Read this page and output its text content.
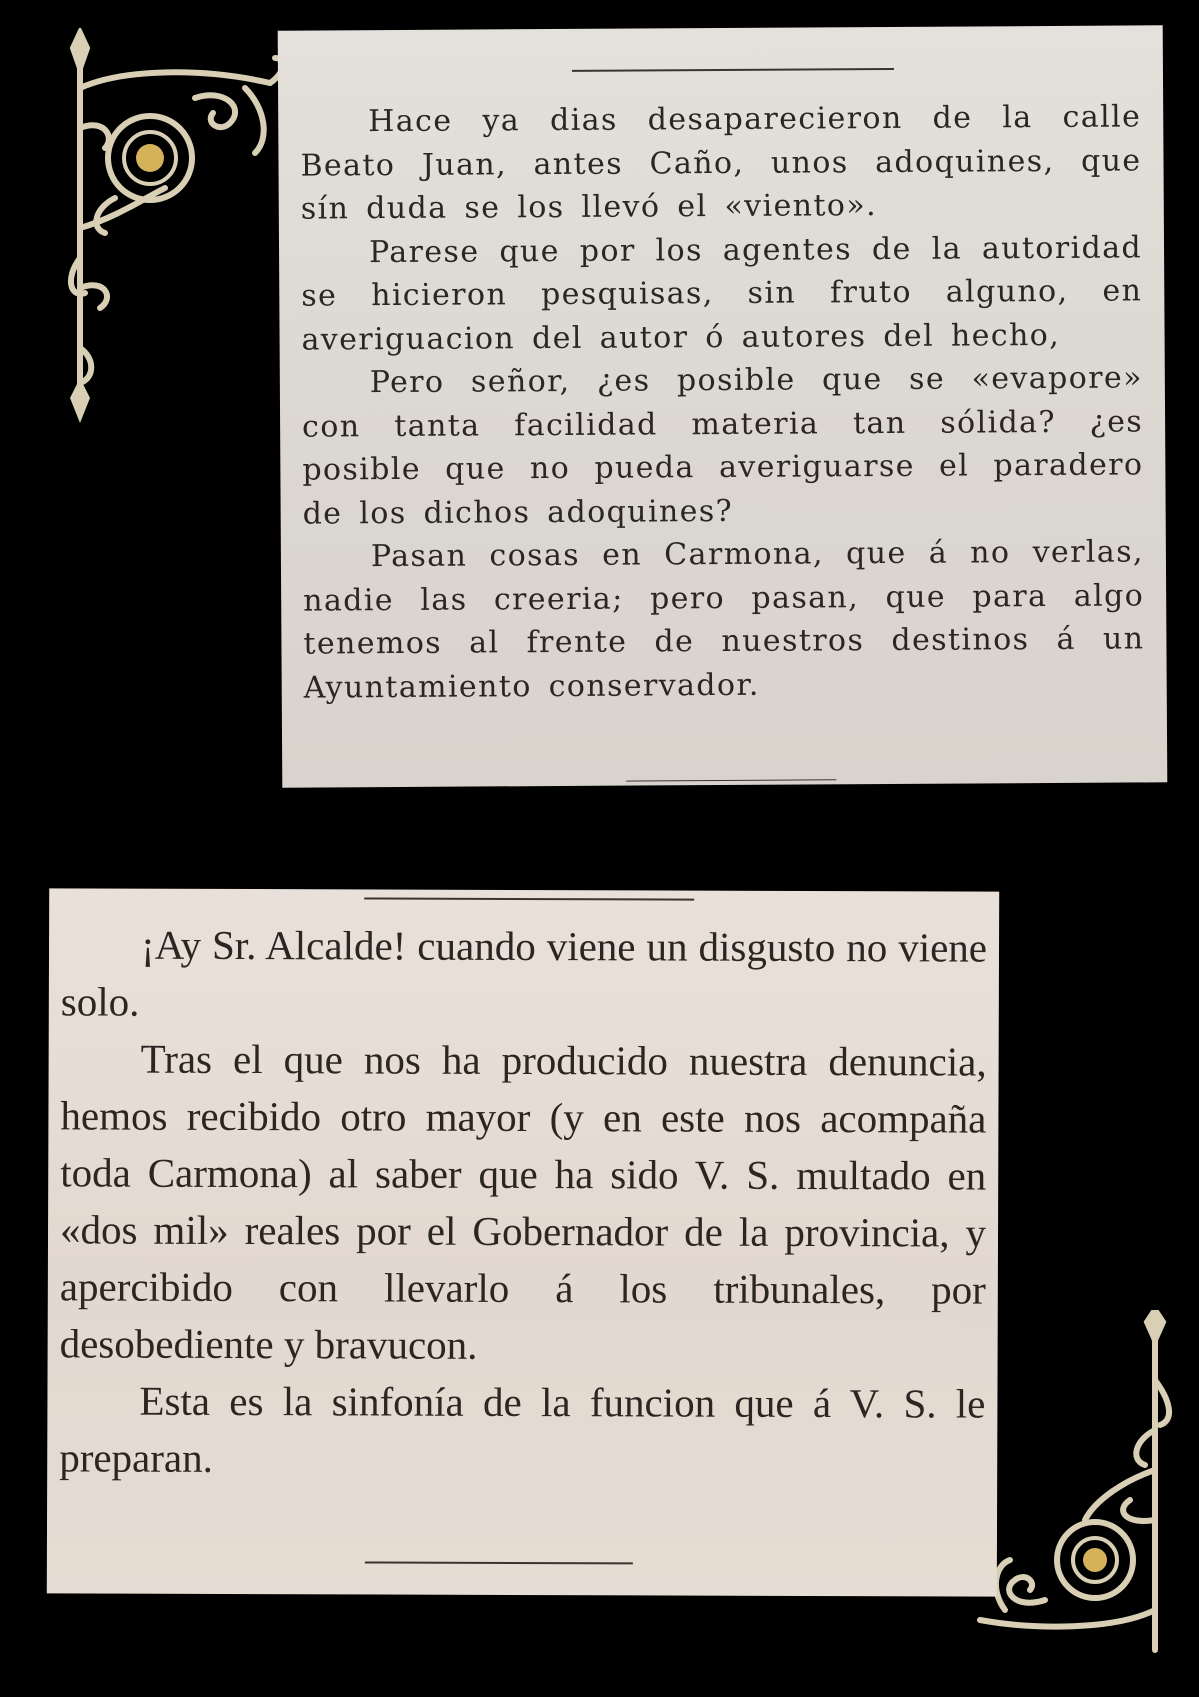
Hace ya dias desaparecieron de la calle Beato Juan, antes Caño, unos adoquines, que sín duda se los llevó el «viento».

Parese que por los agentes de la autoridad se hicieron pesquisas, sin fruto alguno, en averiguacion del autor ó autores del hecho,

Pero señor, ¿es posible que se «evapore» con tanta facilidad materia tan sólida? ¿es posible que no pueda averiguarse el paradero de los dichos adoquines?

Pasan cosas en Carmona, que á no verlas, nadie las creeria; pero pasan, que para algo tenemos al frente de nuestros destinos á un Ayuntamiento conservador.

¡Ay Sr. Alcalde! cuando viene un disgusto no viene solo.

Tras el que nos ha producido nuestra denuncia, hemos recibido otro mayor (y en este nos acompaña toda Carmona) al saber que ha sido V. S. multado en «dos mil» reales por el Gobernador de la provincia, y apercibido con llevarlo á los tribunales, por desobediente y bravucon.

Esta es la sinfonía de la funcion que á V. S. le preparan.
